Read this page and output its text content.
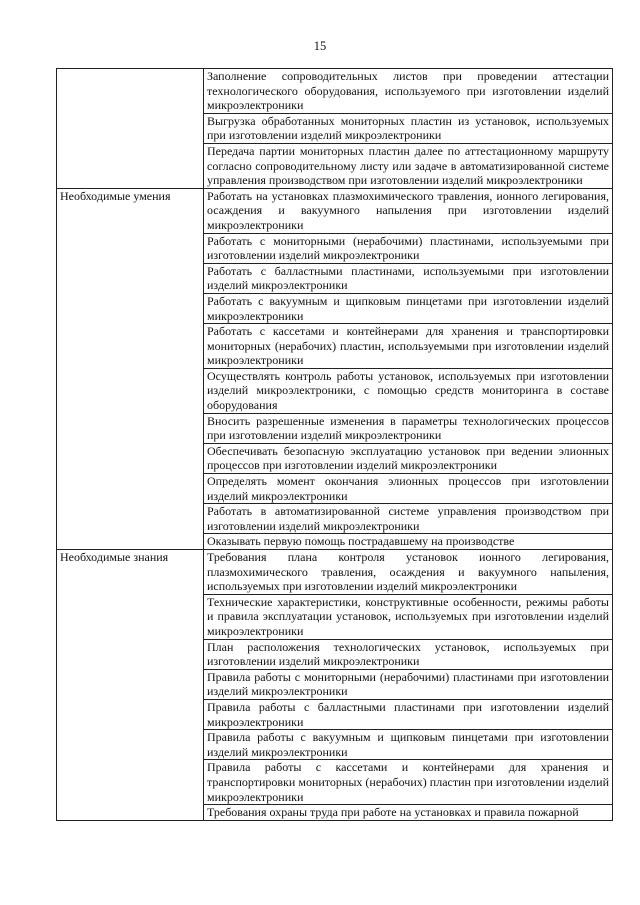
15
	Заполнение сопроводительных листов при проведении аттестации технологического оборудования, используемого при изготовлении изделий микроэлектроники
	Выгрузка обработанных мониторных пластин из установок, используемых при изготовлении изделий микроэлектроники
	Передача партии мониторных пластин далее по аттестационному маршруту согласно сопроводительному листу или задаче в автоматизированной системе управления производством при изготовлении изделий микроэлектроники
Необходимые умения	Работать на установках плазмохимического травления, ионного легирования, осаждения и вакуумного напыления при изготовлении изделий микроэлектроники
	Работать с мониторными (нерабочими) пластинами, используемыми при изготовлении изделий микроэлектроники
	Работать с балластными пластинами, используемыми при изготовлении изделий микроэлектроники
	Работать с вакуумным и щипковым пинцетами при изготовлении изделий микроэлектроники
	Работать с кассетами и контейнерами для хранения и транспортировки мониторных (нерабочих) пластин, используемыми при изготовлении изделий микроэлектроники
	Осуществлять контроль работы установок, используемых при изготовлении изделий микроэлектроники, с помощью средств мониторинга в составе оборудования
	Вносить разрешенные изменения в параметры технологических процессов при изготовлении изделий микроэлектроники
	Обеспечивать безопасную эксплуатацию установок при ведении элионных процессов при изготовлении изделий микроэлектроники
	Определять момент окончания элионных процессов при изготовлении изделий микроэлектроники
	Работать в автоматизированной системе управления производством при изготовлении изделий микроэлектроники
	Оказывать первую помощь пострадавшему на производстве
Необходимые знания	Требования плана контроля установок ионного легирования, плазмохимического травления, осаждения и вакуумного напыления, используемых при изготовлении изделий микроэлектроники
	Технические характеристики, конструктивные особенности, режимы работы и правила эксплуатации установок, используемых при изготовлении изделий микроэлектроники
	План расположения технологических установок, используемых при изготовлении изделий микроэлектроники
	Правила работы с мониторными (нерабочими) пластинами при изготовлении изделий микроэлектроники
	Правила работы с балластными пластинами при изготовлении изделий микроэлектроники
	Правила работы с вакуумным и щипковым пинцетами при изготовлении изделий микроэлектроники
	Правила работы с кассетами и контейнерами для хранения и транспортировки мониторных (нерабочих) пластин при изготовлении изделий микроэлектроники
	Требования охраны труда при работе на установках и правила пожарной
